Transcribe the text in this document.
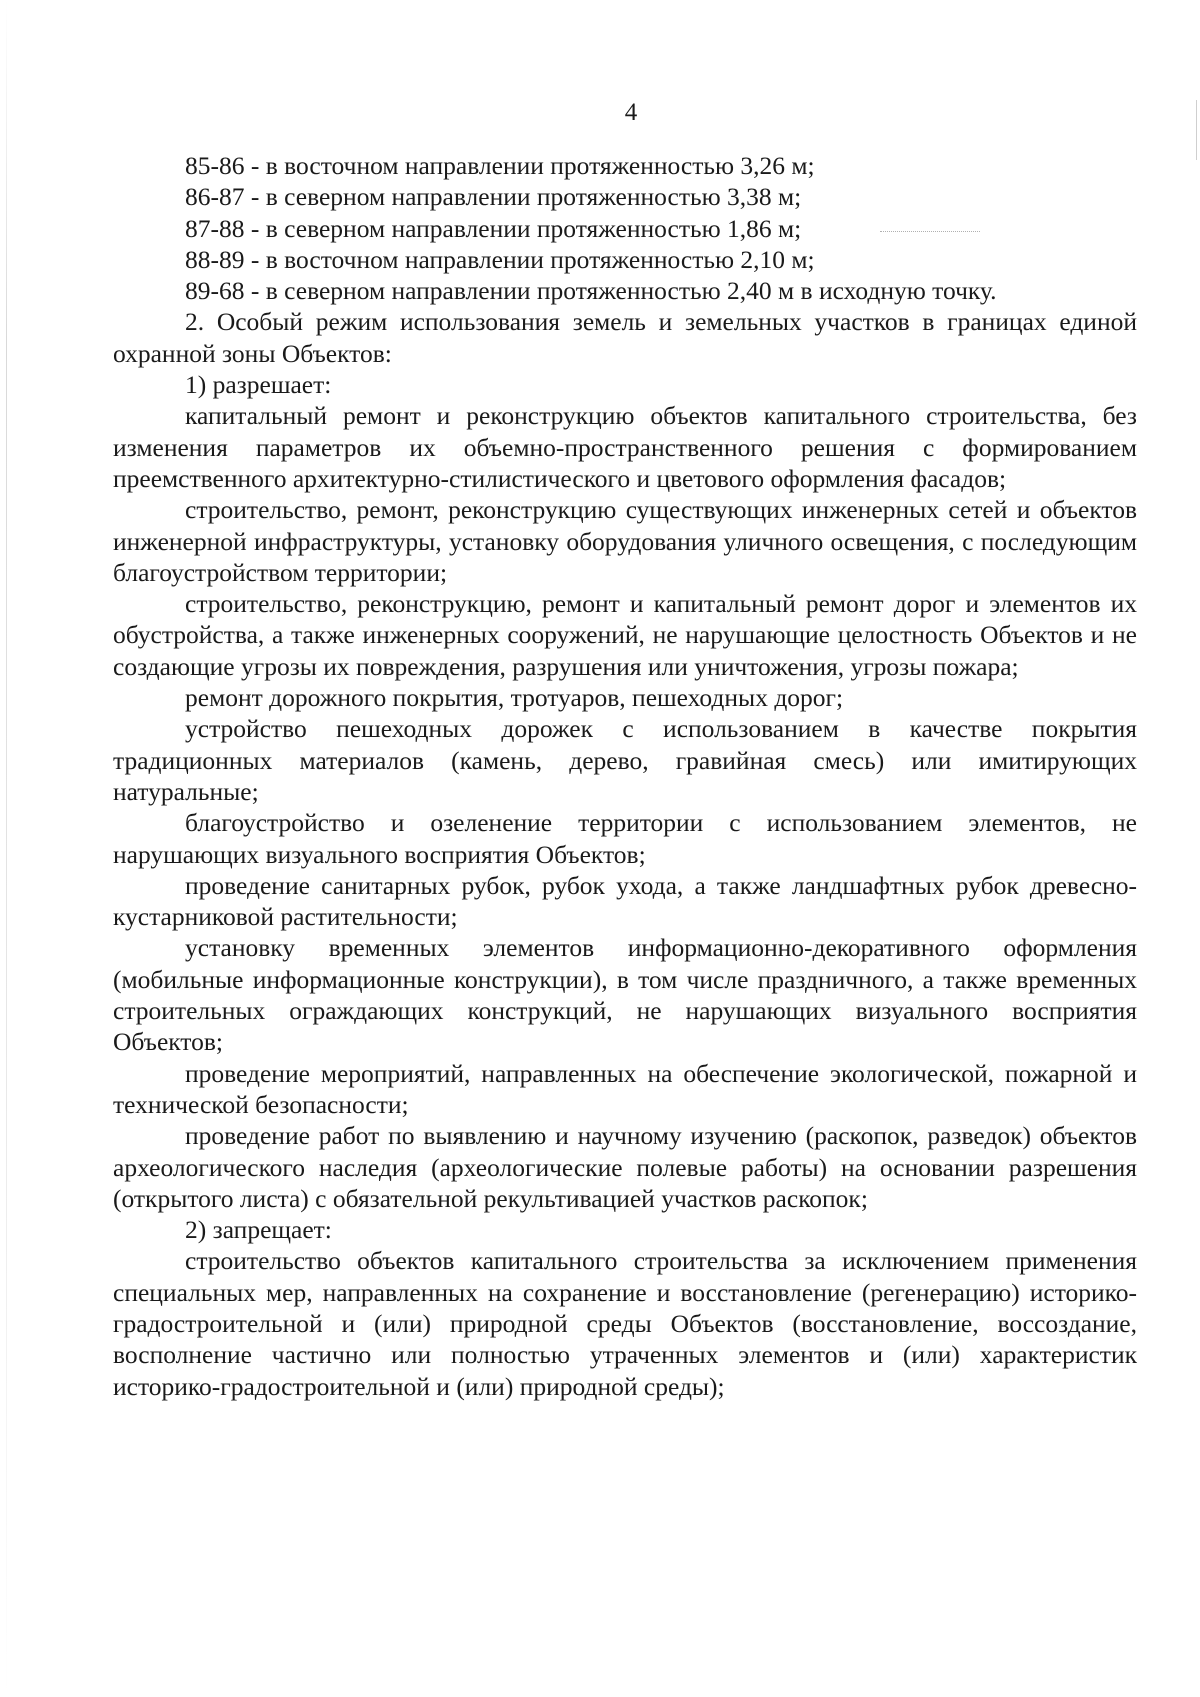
4

85-86 - в восточном направлении протяженностью 3,26 м;

86-87 - в северном направлении протяженностью 3,38 м;

87-88 - в северном направлении протяженностью 1,86 м;

88-89 - в восточном направлении протяженностью 2,10 м;

89-68 - в северном направлении протяженностью 2,40 м в исходную точку.

2. Особый режим использования земель и земельных участков в границах единой охранной зоны Объектов:

1) разрешает:

капитальный ремонт и реконструкцию объектов капитального строительства, без изменения параметров их объемно-пространственного решения с формированием преемственного архитектурно-стилистического и цветового оформления фасадов;

строительство, ремонт, реконструкцию существующих инженерных сетей и объектов инженерной инфраструктуры, установку оборудования уличного освещения, с последующим благоустройством территории;

строительство, реконструкцию, ремонт и капитальный ремонт дорог и элементов их обустройства, а также инженерных сооружений, не нарушающие целостность Объектов и не создающие угрозы их повреждения, разрушения или уничтожения, угрозы пожара;

ремонт дорожного покрытия, тротуаров, пешеходных дорог;

устройство пешеходных дорожек с использованием в качестве покрытия традиционных материалов (камень, дерево, гравийная смесь) или имитирующих натуральные;

благоустройство и озеленение территории с использованием элементов, не нарушающих визуального восприятия Объектов;

проведение санитарных рубок, рубок ухода, а также ландшафтных рубок древесно-кустарниковой растительности;

установку временных элементов информационно-декоративного оформления (мобильные информационные конструкции), в том числе праздничного, а также временных строительных ограждающих конструкций, не нарушающих визуального восприятия Объектов;

проведение мероприятий, направленных на обеспечение экологической, пожарной и технической безопасности;

проведение работ по выявлению и научному изучению (раскопок, разведок) объектов археологического наследия (археологические полевые работы) на основании разрешения (открытого листа) с обязательной рекультивацией участков раскопок;

2) запрещает:

строительство объектов капитального строительства за исключением применения специальных мер, направленных на сохранение и восстановление (регенерацию) историко-градостроительной и (или) природной среды Объектов (восстановление, воссоздание, восполнение частично или полностью утраченных элементов и (или) характеристик историко-градостроительной и (или) природной среды);
